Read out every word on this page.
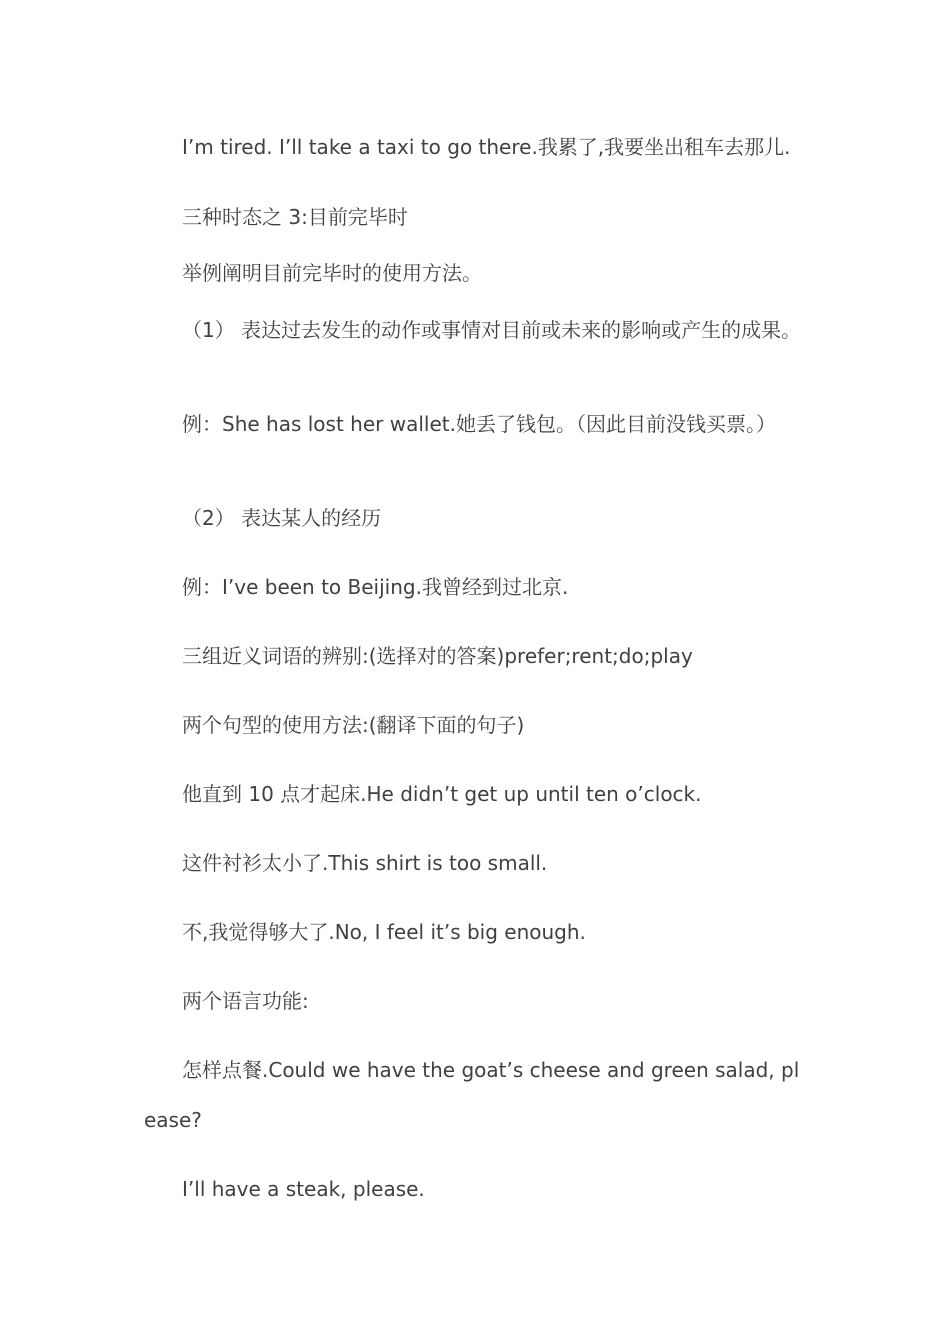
I’m tired. I’ll take a taxi to go there.我累了,我要坐出租车去那儿.

三种时态之 3:目前完毕时

举例阐明目前完毕时的使用方法。

（1） 表达过去发生的动作或事情对目前或未来的影响或产生的成果。

例：She has lost her wallet.她丢了钱包。（因此目前没钱买票。）

（2） 表达某人的经历

例：I’ve been to Beijing.我曾经到过北京.

三组近义词语的辨别:(选择对的答案)prefer;rent;do;play

两个句型的使用方法:(翻译下面的句子)

他直到 10 点才起床.He didn’t get up until ten o’clock.

这件衬衫太小了.This shirt is too small.

不,我觉得够大了.No, I feel it’s big enough.

两个语言功能:

怎样点餐.Could we have the goat’s cheese and green salad, please?

I’ll have a steak, please.
